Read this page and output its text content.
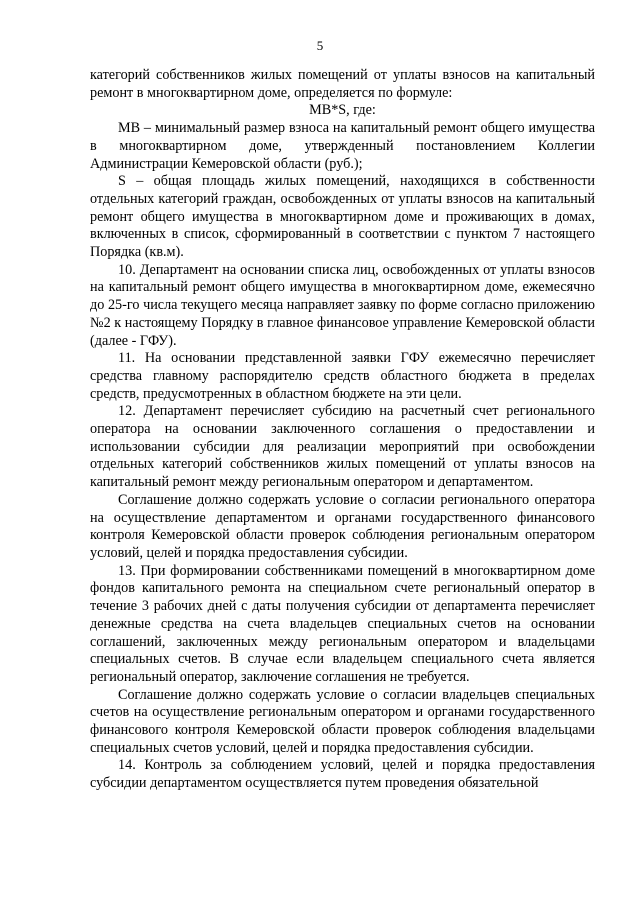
5

категорий собственников жилых помещений от уплаты взносов на капитальный ремонт в многоквартирном доме, определяется по формуле:

МВ*S, где:

МВ – минимальный размер взноса на капитальный ремонт общего имущества в многоквартирном доме, утвержденный постановлением Коллегии Администрации Кемеровской области (руб.);

S – общая площадь жилых помещений, находящихся в собственности отдельных категорий граждан, освобожденных от уплаты взносов на капитальный ремонт общего имущества в многоквартирном доме и проживающих в домах, включенных в список, сформированный в соответствии с пунктом 7 настоящего Порядка (кв.м).

10. Департамент на основании списка лиц, освобожденных от уплаты взносов на капитальный ремонт общего имущества в многоквартирном доме, ежемесячно до 25-го числа текущего месяца направляет заявку по форме согласно приложению №2 к настоящему Порядку в главное финансовое управление Кемеровской области (далее - ГФУ).

11. На основании представленной заявки ГФУ ежемесячно перечисляет средства главному распорядителю средств областного бюджета в пределах средств, предусмотренных в областном бюджете на эти цели.

12. Департамент перечисляет субсидию на расчетный счет регионального оператора на основании заключенного соглашения о предоставлении и использовании субсидии для реализации мероприятий при освобождении отдельных категорий собственников жилых помещений от уплаты взносов на капитальный ремонт между региональным оператором и департаментом.

Соглашение должно содержать условие о согласии регионального оператора на осуществление департаментом и органами государственного финансового контроля Кемеровской области проверок соблюдения региональным оператором условий, целей и порядка предоставления субсидии.

13. При формировании собственниками помещений в многоквартирном доме фондов капитального ремонта на специальном счете региональный оператор в течение 3 рабочих дней с даты получения субсидии от департамента перечисляет денежные средства на счета владельцев специальных счетов на основании соглашений, заключенных между региональным оператором и владельцами специальных счетов. В случае если владельцем специального счета является региональный оператор, заключение соглашения не требуется.

Соглашение должно содержать условие о согласии владельцев специальных счетов на осуществление региональным оператором и органами государственного финансового контроля Кемеровской области проверок соблюдения владельцами специальных счетов условий, целей и порядка предоставления субсидии.

14. Контроль за соблюдением условий, целей и порядка предоставления субсидии департаментом осуществляется путем проведения обязательной
